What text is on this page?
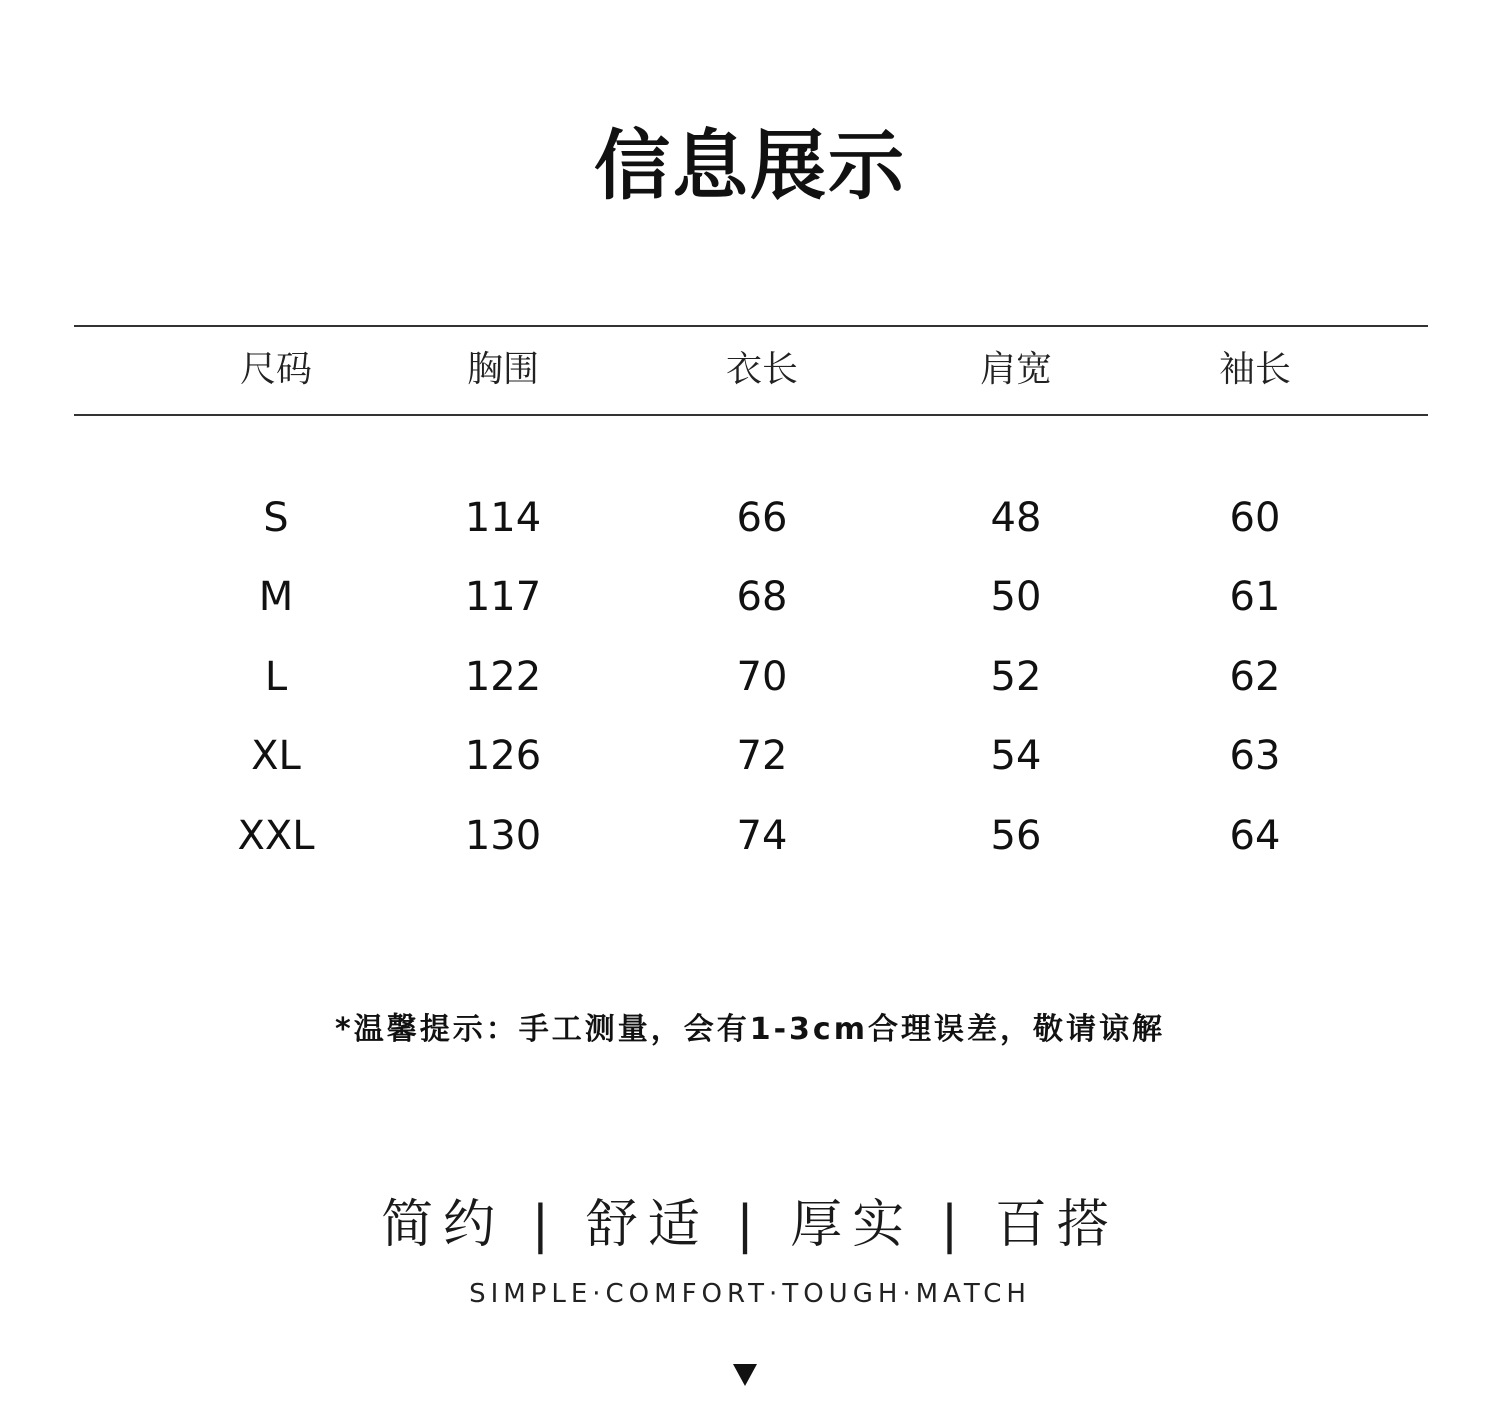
信息展示
尺码	胸围	衣长	肩宽	袖长
S	114	66	48	60
M	117	68	50	61
L	122	70	52	62
XL	126	72	54	63
XXL	130	74	56	64
*温馨提示：手工测量，会有1-3cm合理误差，敬请谅解
简约 | 舒适 | 厚实 | 百搭
SIMPLE·COMFORT·TOUGH·MATCH
